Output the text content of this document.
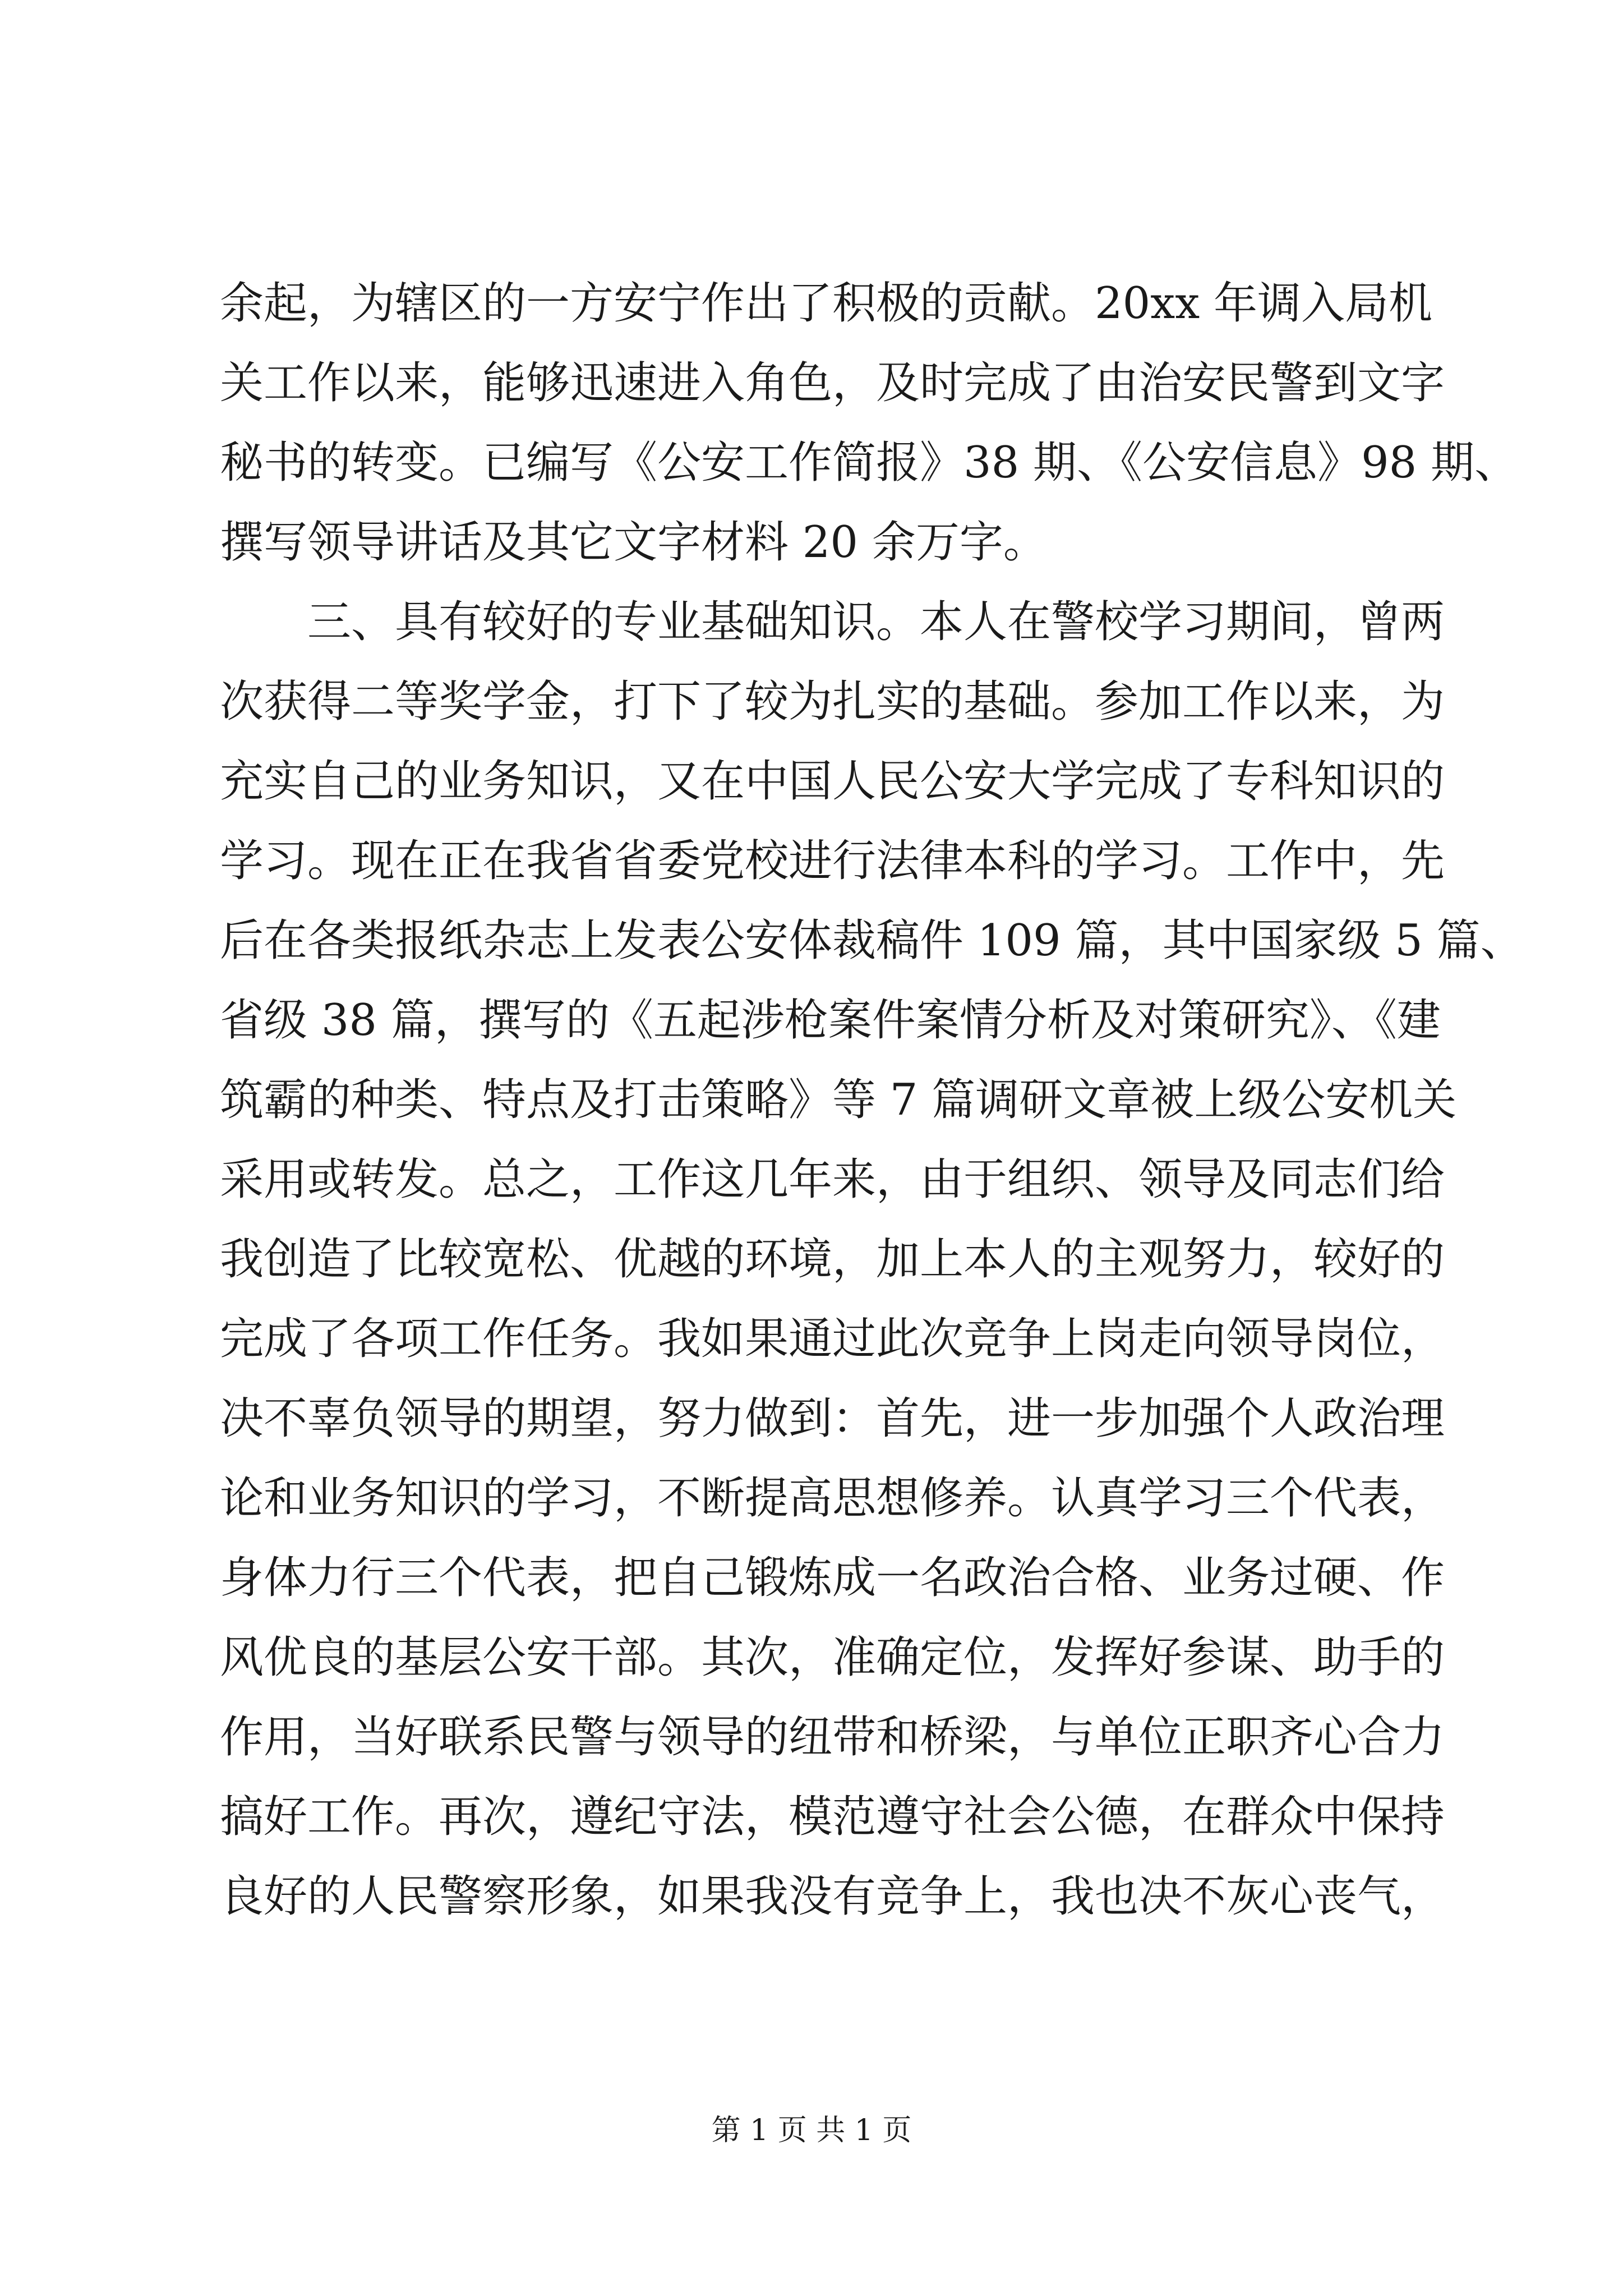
余起，为辖区的一方安宁作出了积极的贡献。20xx 年调入局机
关工作以来，能够迅速进入角色，及时完成了由治安民警到文字
秘书的转变。已编写《公安工作简报》38 期、《公安信息》98 期、
撰写领导讲话及其它文字材料 20 余万字。
三、具有较好的专业基础知识。本人在警校学习期间，曾两
次获得二等奖学金，打下了较为扎实的基础。参加工作以来，为
充实自己的业务知识，又在中国人民公安大学完成了专科知识的
学习。现在正在我省省委党校进行法律本科的学习。工作中，先
后在各类报纸杂志上发表公安体裁稿件 109 篇，其中国家级 5 篇、
省级 38 篇，撰写的《五起涉枪案件案情分析及对策研究》、《建
筑霸的种类、特点及打击策略》等 7 篇调研文章被上级公安机关
采用或转发。总之，工作这几年来，由于组织、领导及同志们给
我创造了比较宽松、优越的环境，加上本人的主观努力，较好的
完成了各项工作任务。我如果通过此次竞争上岗走向领导岗位，
决不辜负领导的期望，努力做到：首先，进一步加强个人政治理
论和业务知识的学习，不断提高思想修养。认真学习三个代表，
身体力行三个代表，把自己锻炼成一名政治合格、业务过硬、作
风优良的基层公安干部。其次，准确定位，发挥好参谋、助手的
作用，当好联系民警与领导的纽带和桥梁，与单位正职齐心合力
搞好工作。再次，遵纪守法，模范遵守社会公德，在群众中保持
良好的人民警察形象，如果我没有竞争上，我也决不灰心丧气，
第 1 页 共 1 页
